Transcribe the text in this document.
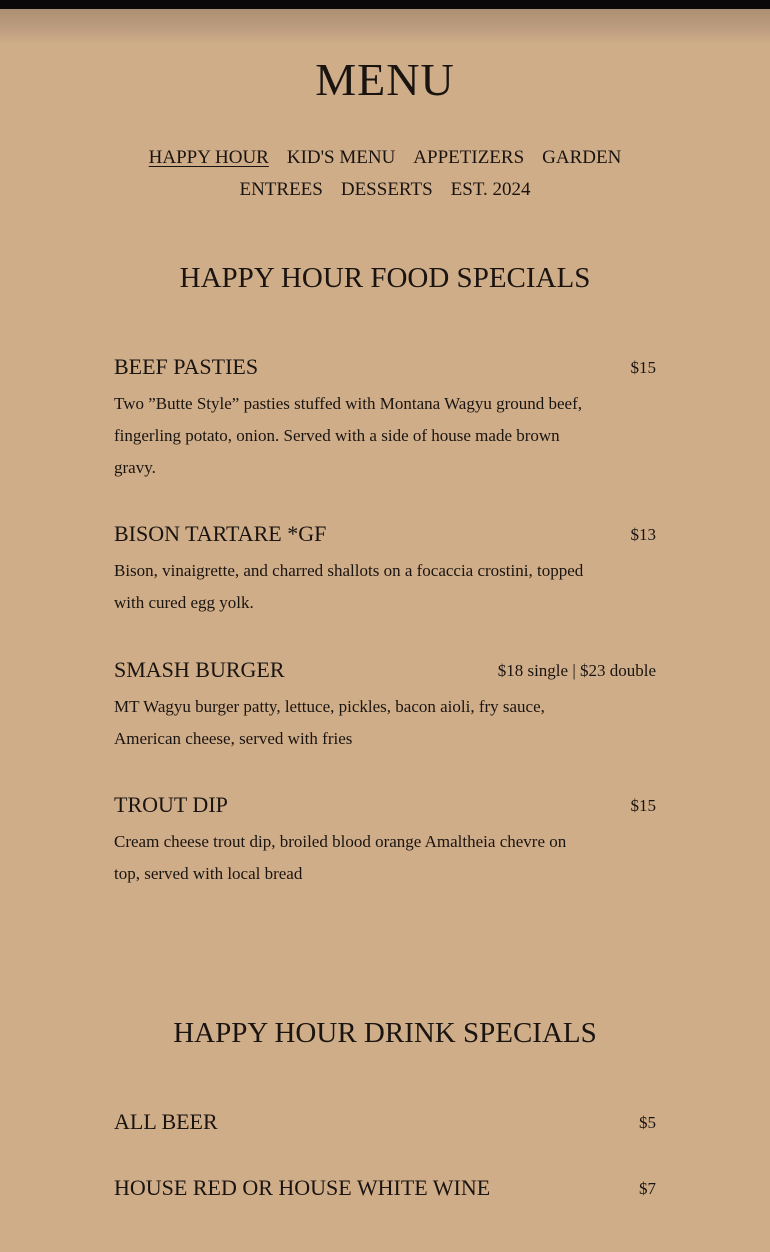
MENU
HAPPY HOUR KID'S MENU APPETIZERS GARDEN
ENTREES DESSERTS EST. 2024
HAPPY HOUR FOOD SPECIALS
BEEF PASTIES	$15
Two ”Butte Style” pasties stuffed with Montana Wagyu ground beef, fingerling potato, onion. Served with a side of house made brown gravy.
BISON TARTARE *GF	$13
Bison, vinaigrette, and charred shallots on a focaccia crostini, topped with cured egg yolk.
SMASH BURGER	$18 single | $23 double
MT Wagyu burger patty, lettuce, pickles, bacon aioli, fry sauce, American cheese, served with fries
TROUT DIP	$15
Cream cheese trout dip, broiled blood orange Amaltheia chevre on top, served with local bread
HAPPY HOUR DRINK SPECIALS
ALL BEER	$5
HOUSE RED OR HOUSE WHITE WINE	$7
